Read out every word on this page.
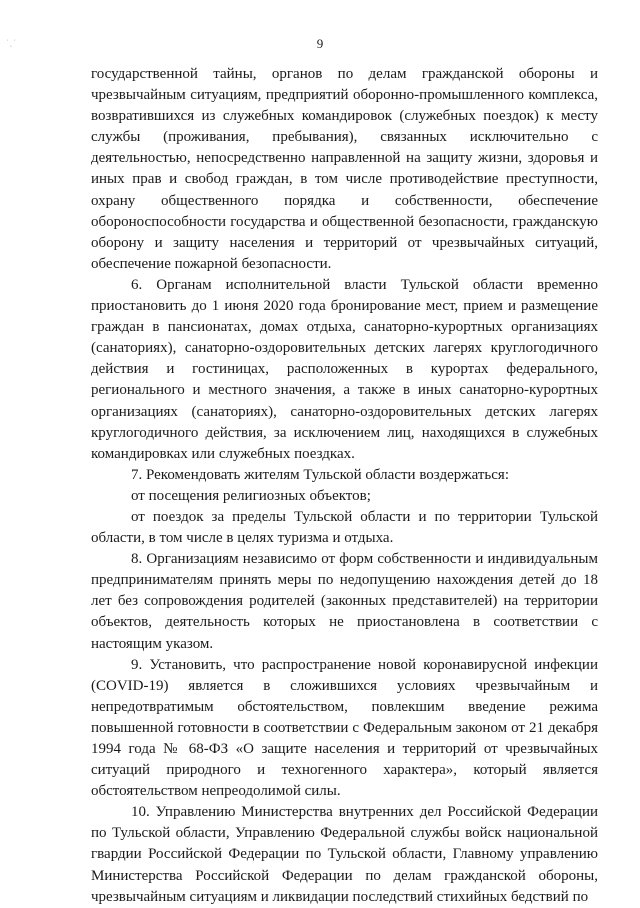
˙ˎ˙	9

государственной тайны, органов по делам гражданской обороны и чрезвычайным ситуациям, предприятий оборонно-промышленного комплекса, возвратившихся из служебных командировок (служебных поездок) к месту службы (проживания, пребывания), связанных исключительно с деятельностью, непосредственно направленной на защиту жизни, здоровья и иных прав и свобод граждан, в том числе противодействие преступности, охрану общественного порядка и собственности, обеспечение обороноспособности государства и общественной безопасности, гражданскую оборону и защиту населения и территорий от чрезвычайных ситуаций, обеспечение пожарной безопасности.

6. Органам исполнительной власти Тульской области временно приостановить до 1 июня 2020 года бронирование мест, прием и размещение граждан в пансионатах, домах отдыха, санаторно-курортных организациях (санаториях), санаторно-оздоровительных детских лагерях круглогодичного действия и гостиницах, расположенных в курортах федерального, регионального и местного значения, а также в иных санаторно-курортных организациях (санаториях), санаторно-оздоровительных детских лагерях круглогодичного действия, за исключением лиц, находящихся в служебных командировках или служебных поездках.

7. Рекомендовать жителям Тульской области воздержаться:

от посещения религиозных объектов;

от поездок за пределы Тульской области и по территории Тульской области, в том числе в целях туризма и отдыха.

8. Организациям независимо от форм собственности и индивидуальным предпринимателям принять меры по недопущению нахождения детей до 18 лет без сопровождения родителей (законных представителей) на территории объектов, деятельность которых не приостановлена в соответствии с настоящим указом.

9. Установить, что распространение новой коронавирусной инфекции (COVID-19) является в сложившихся условиях чрезвычайным и непредотвратимым обстоятельством, повлекшим введение режима повышенной готовности в соответствии с Федеральным законом от 21 декабря 1994 года № 68-ФЗ «О защите населения и территорий от чрезвычайных ситуаций природного и техногенного характера», который является обстоятельством непреодолимой силы.

10. Управлению Министерства внутренних дел Российской Федерации по Тульской области, Управлению Федеральной службы войск национальной гвардии Российской Федерации по Тульской области, Главному управлению Министерства Российской Федерации по делам гражданской обороны, чрезвычайным ситуациям и ликвидации последствий стихийных бедствий по
